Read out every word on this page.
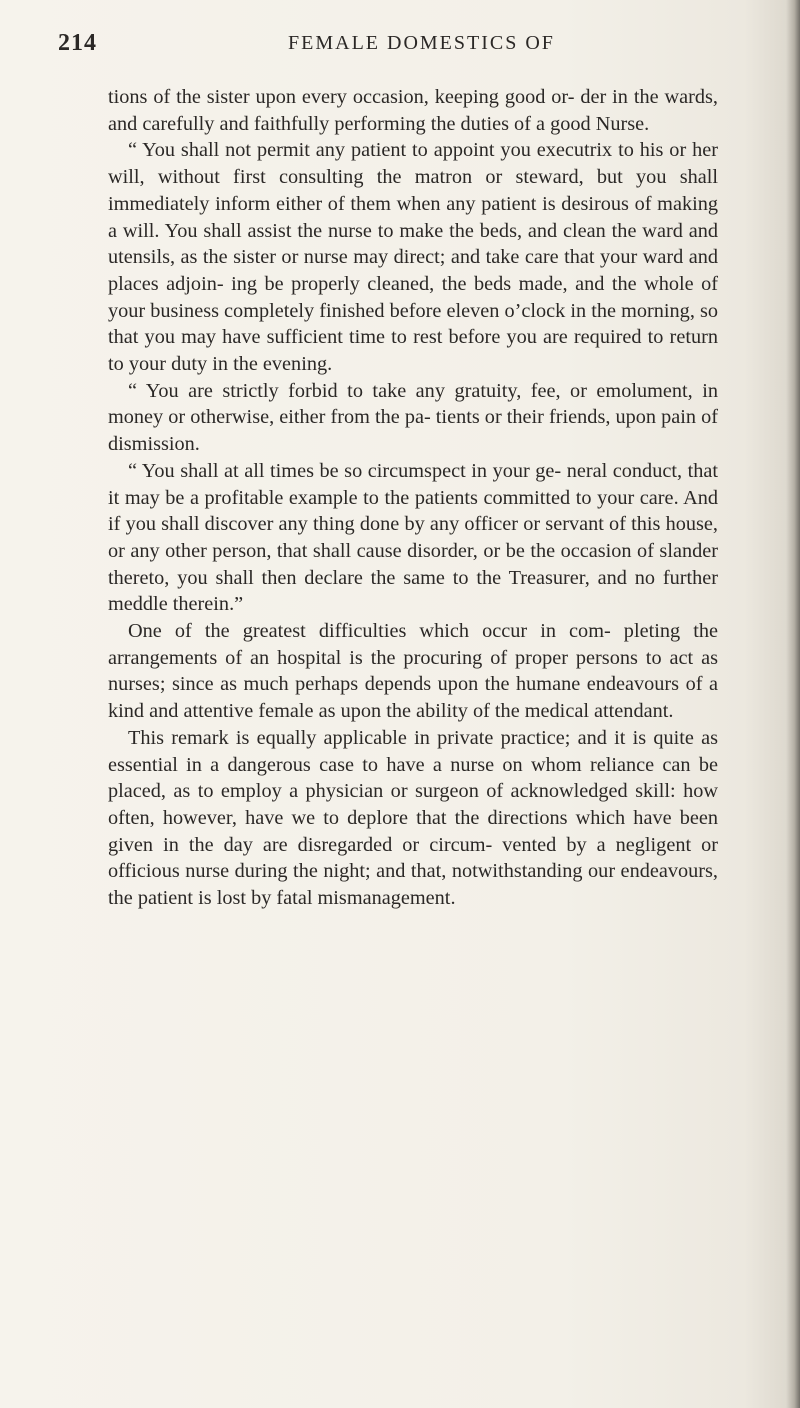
214	FEMALE DOMESTICS OF

tions of the sister upon every occasion, keeping good or- der in the wards, and carefully and faithfully performing the duties of a good Nurse.

“ You shall not permit any patient to appoint you executrix to his or her will, without first consulting the matron or steward, but you shall immediately inform either of them when any patient is desirous of making a will. You shall assist the nurse to make the beds, and clean the ward and utensils, as the sister or nurse may direct; and take care that your ward and places adjoin- ing be properly cleaned, the beds made, and the whole of your business completely finished before eleven o’clock in the morning, so that you may have sufficient time to rest before you are required to return to your duty in the evening.

“ You are strictly forbid to take any gratuity, fee, or emolument, in money or otherwise, either from the pa- tients or their friends, upon pain of dismission.

“ You shall at all times be so circumspect in your ge- neral conduct, that it may be a profitable example to the patients committed to your care. And if you shall discover any thing done by any officer or servant of this house, or any other person, that shall cause disorder, or be the occasion of slander thereto, you shall then declare the same to the Treasurer, and no further meddle therein.”

One of the greatest difficulties which occur in com- pleting the arrangements of an hospital is the procuring of proper persons to act as nurses; since as much perhaps depends upon the humane endeavours of a kind and attentive female as upon the ability of the medical attendant.

This remark is equally applicable in private practice; and it is quite as essential in a dangerous case to have a nurse on whom reliance can be placed, as to employ a physician or surgeon of acknowledged skill: how often, however, have we to deplore that the directions which have been given in the day are disregarded or circum- vented by a negligent or officious nurse during the night; and that, notwithstanding our endeavours, the patient is lost by fatal mismanagement.
